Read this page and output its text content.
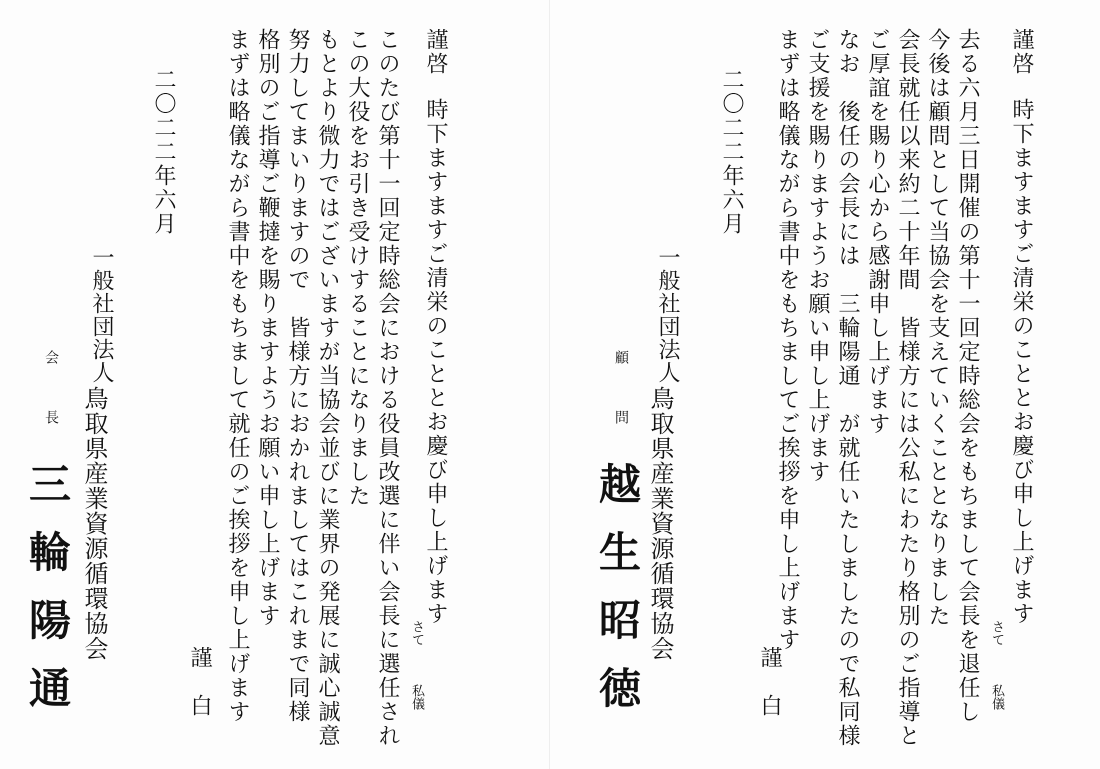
謹啓

時下ますますご清栄のこととお慶び申し上げます

さて

私儀

このたび第十一回定時総会における役員改選に伴い会長に選任され

この大役をお引き受けすることになりました

もとより微力ではございますが当協会並びに業界の発展に誠心誠意

努力してまいりますので　皆様方におかれましてはこれまで同様

格別のご指導ご鞭撻を賜りますようお願い申し上げます

まずは略儀ながら書中をもちまして就任のご挨拶を申し上げます

謹

白

二〇二二年六月

一般社団法人

鳥取県産業資源循環協会

会

長

三輪陽通

謹啓

時下ますますご清栄のこととお慶び申し上げます

さて

私儀

去る六月三日開催の第十一回定時総会をもちまして会長を退任し

今後は顧問として当協会を支えていくこととなりました

会長就任以来約二十年間　皆様方には公私にわたり格別のご指導と

ご厚誼を賜り心から感謝申し上げます

なお　後任の会長には　三輪陽通　が就任いたしましたので私同様

ご支援を賜りますようお願い申し上げます

まずは略儀ながら書中をもちましてご挨拶を申し上げます

謹

白

二〇二二年六月

一般社団法人

鳥取県産業資源循環協会

顧

問

越生昭徳
